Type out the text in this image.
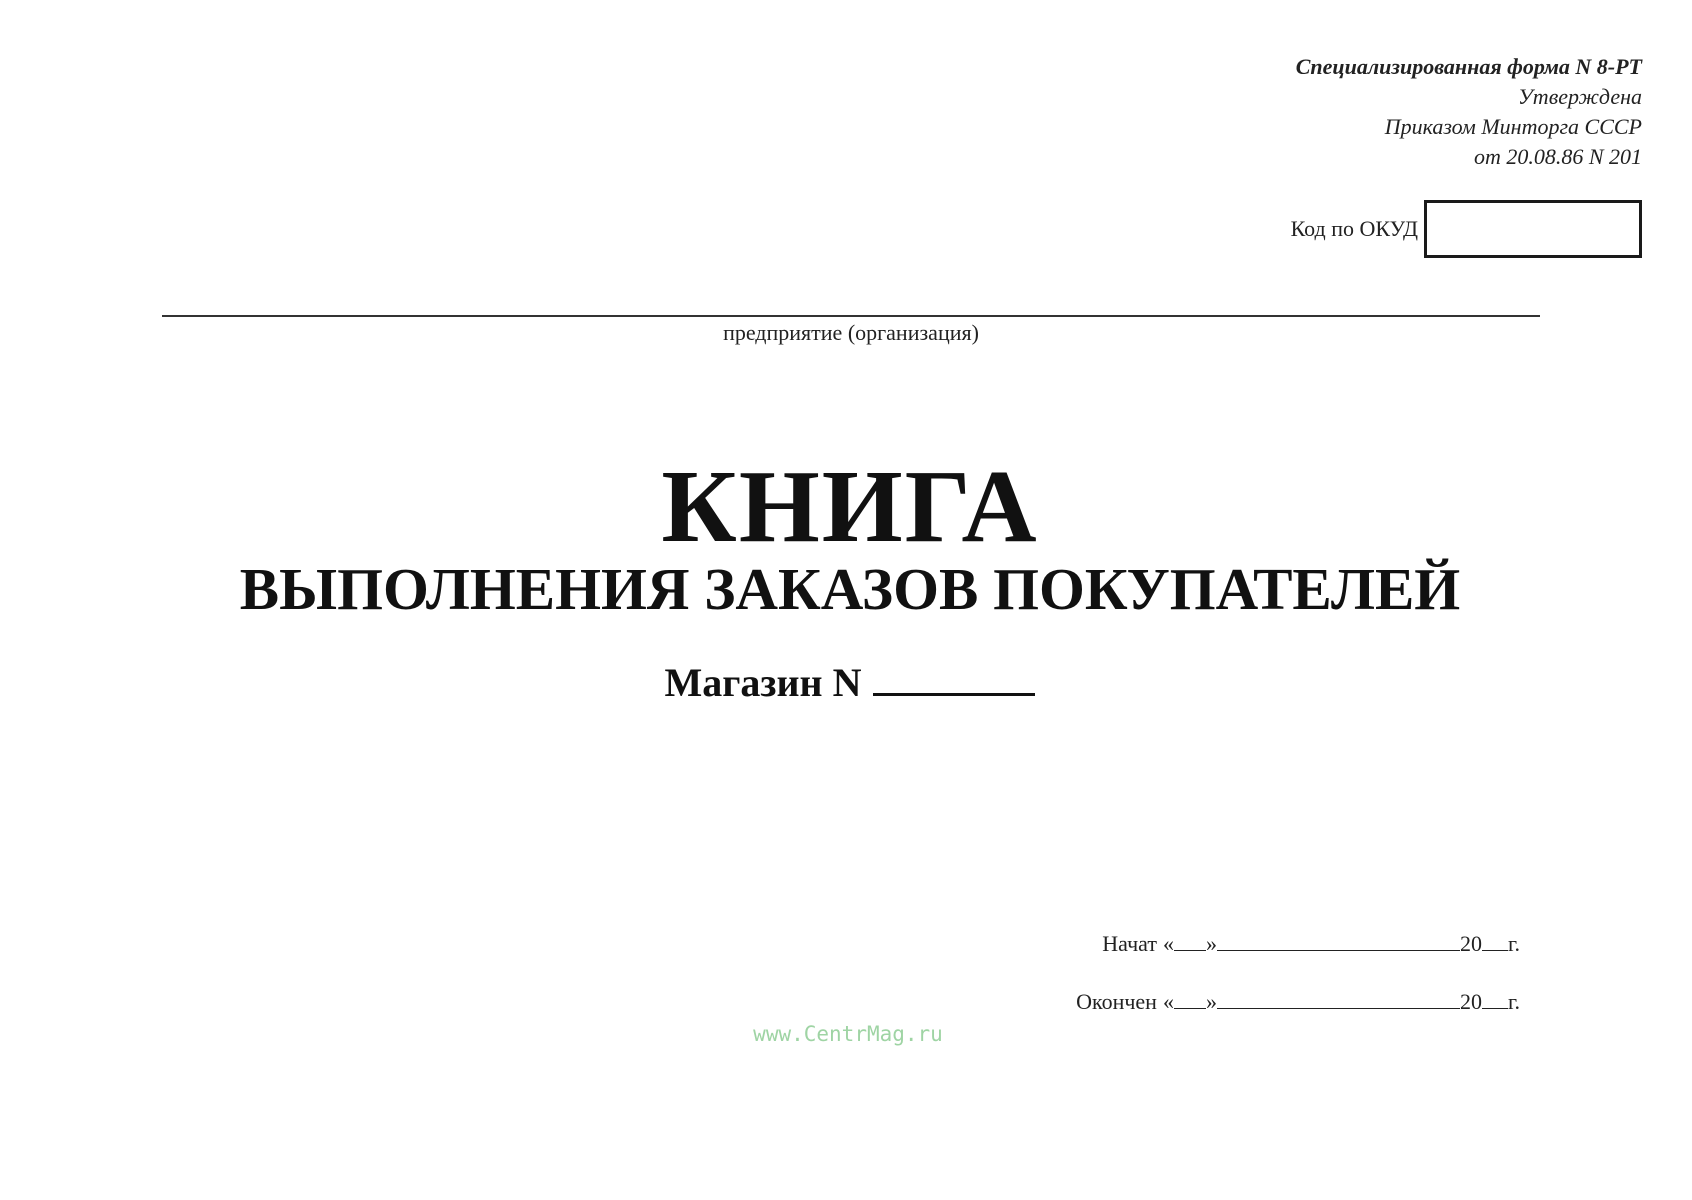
Специализированная форма N 8-РТ
Утверждена
Приказом Минторга СССР
от 20.08.86 N 201
Код по ОКУД
предприятие (организация)
КНИГА
ВЫПОЛНЕНИЯ ЗАКАЗОВ ПОКУПАТЕЛЕЙ
Магазин N
Начат « »	20 г.
Окончен « »	20 г.
www.CentrMag.ru
